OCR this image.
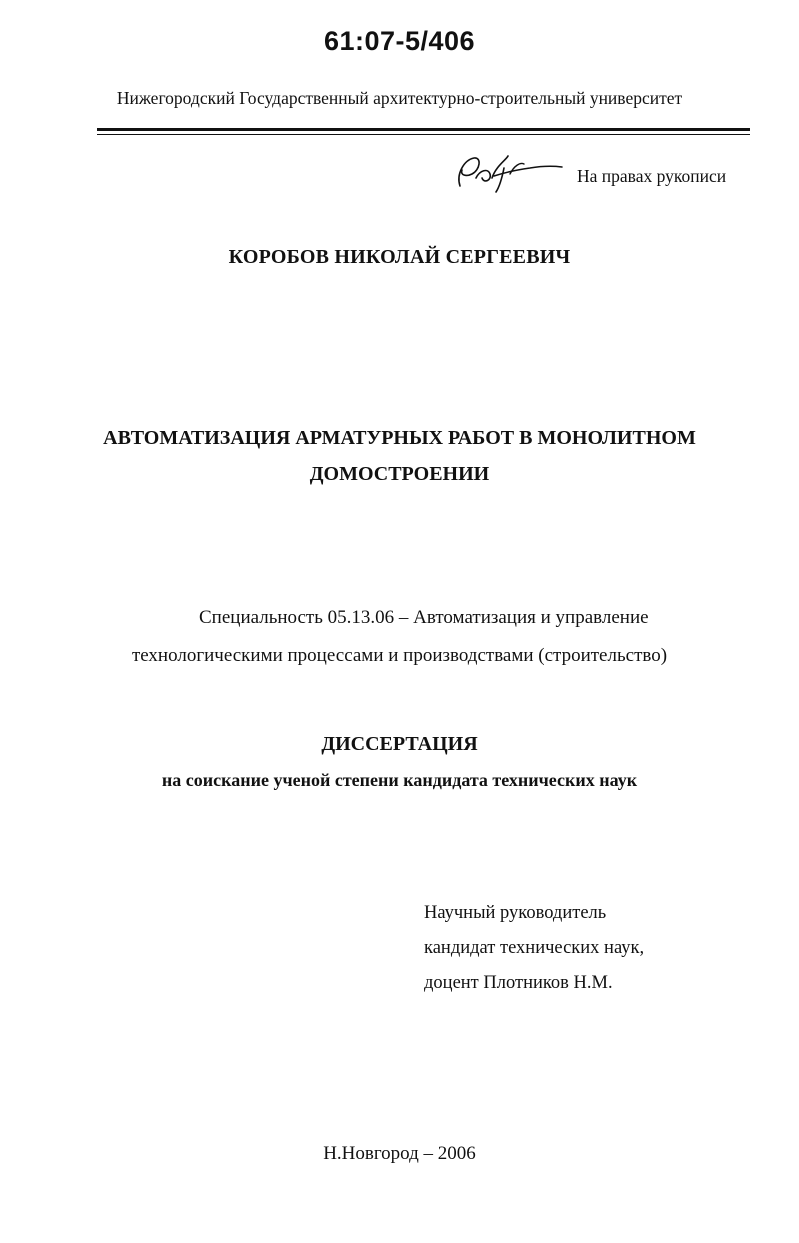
61:07-5/406
Нижегородский Государственный архитектурно-строительный университет
На правах рукописи
КОРОБОВ НИКОЛАЙ СЕРГЕЕВИЧ
АВТОМАТИЗАЦИЯ АРМАТУРНЫХ РАБОТ В МОНОЛИТНОМ
ДОМОСТРОЕНИИ
Специальность 05.13.06 – Автоматизация и управление
технологическими процессами и производствами (строительство)
ДИССЕРТАЦИЯ
на соискание ученой степени кандидата технических наук
Научный руководитель
кандидат технических наук,
доцент Плотников Н.М.
Н.Новгород – 2006
